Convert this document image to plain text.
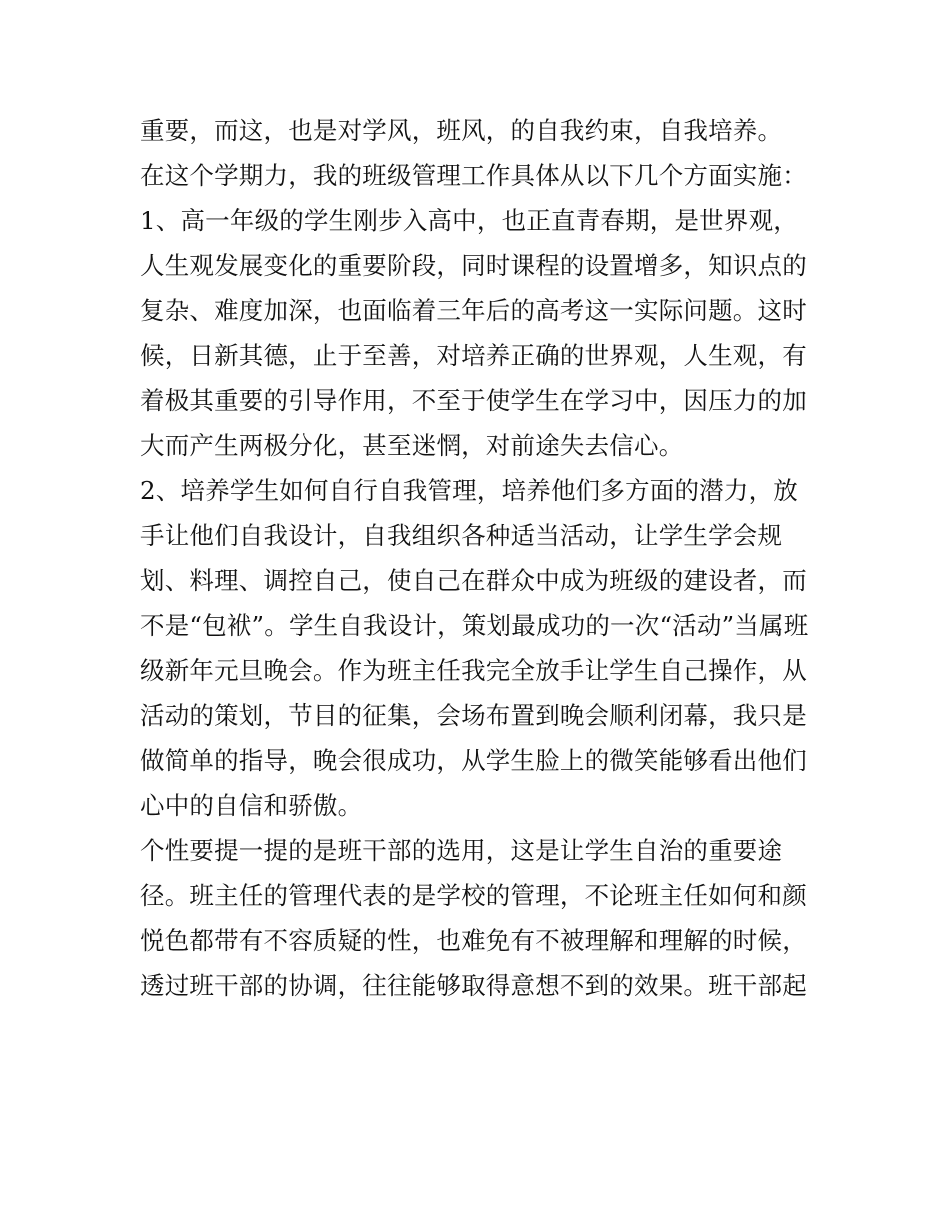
重要，而这，也是对学风，班风，的自我约束，自我培养。
在这个学期力，我的班级管理工作具体从以下几个方面实施：
1、高一年级的学生刚步入高中，也正直青春期，是世界观，
人生观发展变化的重要阶段，同时课程的设置增多，知识点的
复杂、难度加深，也面临着三年后的高考这一实际问题。这时
候，日新其德，止于至善，对培养正确的世界观，人生观，有
着极其重要的引导作用，不至于使学生在学习中，因压力的加
大而产生两极分化，甚至迷惘，对前途失去信心。
2、培养学生如何自行自我管理，培养他们多方面的潜力，放
手让他们自我设计，自我组织各种适当活动，让学生学会规
划、料理、调控自己，使自己在群众中成为班级的建设者，而
不是“包袱”。学生自我设计，策划最成功的一次“活动”当属班
级新年元旦晚会。作为班主任我完全放手让学生自己操作，从
活动的策划，节目的征集，会场布置到晚会顺利闭幕，我只是
做简单的指导，晚会很成功，从学生脸上的微笑能够看出他们
心中的自信和骄傲。
个性要提一提的是班干部的选用，这是让学生自治的重要途
径。班主任的管理代表的是学校的管理，不论班主任如何和颜
悦色都带有不容质疑的性，也难免有不被理解和理解的时候，
透过班干部的协调，往往能够取得意想不到的效果。班干部起
